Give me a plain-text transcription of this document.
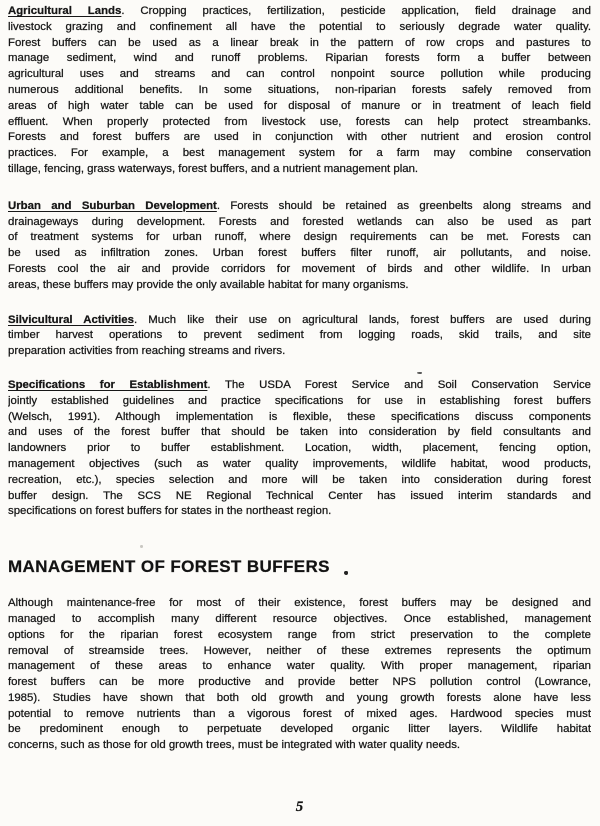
Agricultural Lands. Cropping practices, fertilization, pesticide application, field drainage and
livestock grazing and confinement all have the potential to seriously degrade water quality.
Forest buffers can be used as a linear break in the pattern of row crops and pastures to
manage sediment, wind and runoff problems. Riparian forests form a buffer between
agricultural uses and streams and can control nonpoint source pollution while producing
numerous additional benefits. In some situations, non-riparian forests safely removed from
areas of high water table can be used for disposal of manure or in treatment of leach field
effluent. When properly protected from livestock use, forests can help protect streambanks.
Forests and forest buffers are used in conjunction with other nutrient and erosion control
practices. For example, a best management system for a farm may combine conservation
tillage, fencing, grass waterways, forest buffers, and a nutrient management plan.
Urban and Suburban Development. Forests should be retained as greenbelts along streams and
drainageways during development. Forests and forested wetlands can also be used as part
of treatment systems for urban runoff, where design requirements can be met. Forests can
be used as infiltration zones. Urban forest buffers filter runoff, air pollutants, and noise.
Forests cool the air and provide corridors for movement of birds and other wildlife. In urban
areas, these buffers may provide the only available habitat for many organisms.
Silvicultural Activities. Much like their use on agricultural lands, forest buffers are used during
timber harvest operations to prevent sediment from logging roads, skid trails, and site
preparation activities from reaching streams and rivers.
Specifications for Establishment. The USDA Forest Service and Soil Conservation Service
jointly established guidelines and practice specifications for use in establishing forest buffers
(Welsch, 1991). Although implementation is flexible, these specifications discuss components
and uses of the forest buffer that should be taken into consideration by field consultants and
landowners prior to buffer establishment. Location, width, placement, fencing option,
management objectives (such as water quality improvements, wildlife habitat, wood products,
recreation, etc.), species selection and more will be taken into consideration during forest
buffer design. The SCS NE Regional Technical Center has issued interim standards and
specifications on forest buffers for states in the northeast region.
MANAGEMENT OF FOREST BUFFERS
Although maintenance-free for most of their existence, forest buffers may be designed and
managed to accomplish many different resource objectives. Once established, management
options for the riparian forest ecosystem range from strict preservation to the complete
removal of streamside trees. However, neither of these extremes represents the optimum
management of these areas to enhance water quality. With proper management, riparian
forest buffers can be more productive and provide better NPS pollution control (Lowrance,
1985). Studies have shown that both old growth and young growth forests alone have less
potential to remove nutrients than a vigorous forest of mixed ages. Hardwood species must
be predominent enough to perpetuate developed organic litter layers. Wildlife habitat
concerns, such as those for old growth trees, must be integrated with water quality needs.
5
